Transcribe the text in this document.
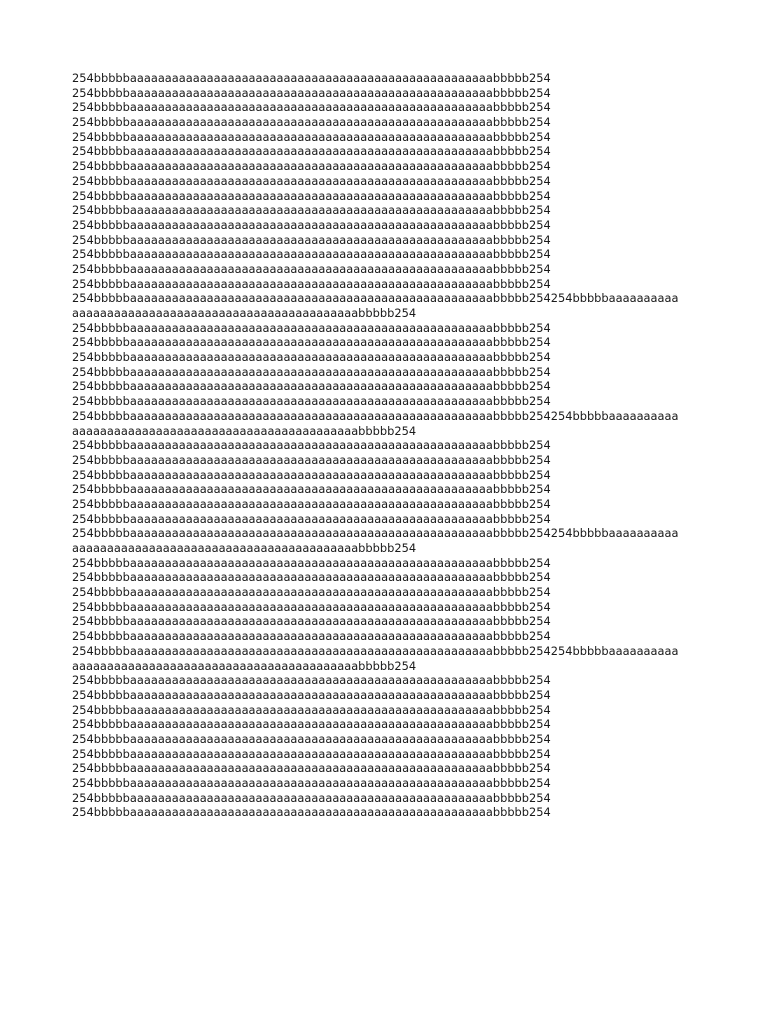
254bbbbbaaaaaaaaaaaaaaaaaaaaaaaaaaaaaaaaaaaaaaaaaaaaaaaaaaaabbbbb254
254bbbbbaaaaaaaaaaaaaaaaaaaaaaaaaaaaaaaaaaaaaaaaaaaaaaaaaaaabbbbb254
254bbbbbaaaaaaaaaaaaaaaaaaaaaaaaaaaaaaaaaaaaaaaaaaaaaaaaaaaabbbbb254
254bbbbbaaaaaaaaaaaaaaaaaaaaaaaaaaaaaaaaaaaaaaaaaaaaaaaaaaaabbbbb254
254bbbbbaaaaaaaaaaaaaaaaaaaaaaaaaaaaaaaaaaaaaaaaaaaaaaaaaaaabbbbb254
254bbbbbaaaaaaaaaaaaaaaaaaaaaaaaaaaaaaaaaaaaaaaaaaaaaaaaaaaabbbbb254
254bbbbbaaaaaaaaaaaaaaaaaaaaaaaaaaaaaaaaaaaaaaaaaaaaaaaaaaaabbbbb254
254bbbbbaaaaaaaaaaaaaaaaaaaaaaaaaaaaaaaaaaaaaaaaaaaaaaaaaaaabbbbb254
254bbbbbaaaaaaaaaaaaaaaaaaaaaaaaaaaaaaaaaaaaaaaaaaaaaaaaaaaabbbbb254
254bbbbbaaaaaaaaaaaaaaaaaaaaaaaaaaaaaaaaaaaaaaaaaaaaaaaaaaaabbbbb254
254bbbbbaaaaaaaaaaaaaaaaaaaaaaaaaaaaaaaaaaaaaaaaaaaaaaaaaaaabbbbb254
254bbbbbaaaaaaaaaaaaaaaaaaaaaaaaaaaaaaaaaaaaaaaaaaaaaaaaaaaabbbbb254
254bbbbbaaaaaaaaaaaaaaaaaaaaaaaaaaaaaaaaaaaaaaaaaaaaaaaaaaaabbbbb254
254bbbbbaaaaaaaaaaaaaaaaaaaaaaaaaaaaaaaaaaaaaaaaaaaaaaaaaaaabbbbb254
254bbbbbaaaaaaaaaaaaaaaaaaaaaaaaaaaaaaaaaaaaaaaaaaaaaaaaaaaabbbbb254
254bbbbbaaaaaaaaaaaaaaaaaaaaaaaaaaaaaaaaaaaaaaaaaaaaaaaaaaaabbbbb254254bbbbbaaaaaaaaaa
aaaaaaaaaaaaaaaaaaaaaaaaaaaaaaaaaaaaaaaaabbbbb254
254bbbbbaaaaaaaaaaaaaaaaaaaaaaaaaaaaaaaaaaaaaaaaaaaaaaaaaaaabbbbb254
254bbbbbaaaaaaaaaaaaaaaaaaaaaaaaaaaaaaaaaaaaaaaaaaaaaaaaaaaabbbbb254
254bbbbbaaaaaaaaaaaaaaaaaaaaaaaaaaaaaaaaaaaaaaaaaaaaaaaaaaaabbbbb254
254bbbbbaaaaaaaaaaaaaaaaaaaaaaaaaaaaaaaaaaaaaaaaaaaaaaaaaaaabbbbb254
254bbbbbaaaaaaaaaaaaaaaaaaaaaaaaaaaaaaaaaaaaaaaaaaaaaaaaaaaabbbbb254
254bbbbbaaaaaaaaaaaaaaaaaaaaaaaaaaaaaaaaaaaaaaaaaaaaaaaaaaaabbbbb254
254bbbbbaaaaaaaaaaaaaaaaaaaaaaaaaaaaaaaaaaaaaaaaaaaaaaaaaaaabbbbb254254bbbbbaaaaaaaaaa
aaaaaaaaaaaaaaaaaaaaaaaaaaaaaaaaaaaaaaaaabbbbb254
254bbbbbaaaaaaaaaaaaaaaaaaaaaaaaaaaaaaaaaaaaaaaaaaaaaaaaaaaabbbbb254
254bbbbbaaaaaaaaaaaaaaaaaaaaaaaaaaaaaaaaaaaaaaaaaaaaaaaaaaaabbbbb254
254bbbbbaaaaaaaaaaaaaaaaaaaaaaaaaaaaaaaaaaaaaaaaaaaaaaaaaaaabbbbb254
254bbbbbaaaaaaaaaaaaaaaaaaaaaaaaaaaaaaaaaaaaaaaaaaaaaaaaaaaabbbbb254
254bbbbbaaaaaaaaaaaaaaaaaaaaaaaaaaaaaaaaaaaaaaaaaaaaaaaaaaaabbbbb254
254bbbbbaaaaaaaaaaaaaaaaaaaaaaaaaaaaaaaaaaaaaaaaaaaaaaaaaaaabbbbb254
254bbbbbaaaaaaaaaaaaaaaaaaaaaaaaaaaaaaaaaaaaaaaaaaaaaaaaaaaabbbbb254254bbbbbaaaaaaaaaa
aaaaaaaaaaaaaaaaaaaaaaaaaaaaaaaaaaaaaaaaabbbbb254
254bbbbbaaaaaaaaaaaaaaaaaaaaaaaaaaaaaaaaaaaaaaaaaaaaaaaaaaaabbbbb254
254bbbbbaaaaaaaaaaaaaaaaaaaaaaaaaaaaaaaaaaaaaaaaaaaaaaaaaaaabbbbb254
254bbbbbaaaaaaaaaaaaaaaaaaaaaaaaaaaaaaaaaaaaaaaaaaaaaaaaaaaabbbbb254
254bbbbbaaaaaaaaaaaaaaaaaaaaaaaaaaaaaaaaaaaaaaaaaaaaaaaaaaaabbbbb254
254bbbbbaaaaaaaaaaaaaaaaaaaaaaaaaaaaaaaaaaaaaaaaaaaaaaaaaaaabbbbb254
254bbbbbaaaaaaaaaaaaaaaaaaaaaaaaaaaaaaaaaaaaaaaaaaaaaaaaaaaabbbbb254
254bbbbbaaaaaaaaaaaaaaaaaaaaaaaaaaaaaaaaaaaaaaaaaaaaaaaaaaaabbbbb254254bbbbbaaaaaaaaaa
aaaaaaaaaaaaaaaaaaaaaaaaaaaaaaaaaaaaaaaaabbbbb254
254bbbbbaaaaaaaaaaaaaaaaaaaaaaaaaaaaaaaaaaaaaaaaaaaaaaaaaaaabbbbb254
254bbbbbaaaaaaaaaaaaaaaaaaaaaaaaaaaaaaaaaaaaaaaaaaaaaaaaaaaabbbbb254
254bbbbbaaaaaaaaaaaaaaaaaaaaaaaaaaaaaaaaaaaaaaaaaaaaaaaaaaaabbbbb254
254bbbbbaaaaaaaaaaaaaaaaaaaaaaaaaaaaaaaaaaaaaaaaaaaaaaaaaaaabbbbb254
254bbbbbaaaaaaaaaaaaaaaaaaaaaaaaaaaaaaaaaaaaaaaaaaaaaaaaaaaabbbbb254
254bbbbbaaaaaaaaaaaaaaaaaaaaaaaaaaaaaaaaaaaaaaaaaaaaaaaaaaaabbbbb254
254bbbbbaaaaaaaaaaaaaaaaaaaaaaaaaaaaaaaaaaaaaaaaaaaaaaaaaaaabbbbb254
254bbbbbaaaaaaaaaaaaaaaaaaaaaaaaaaaaaaaaaaaaaaaaaaaaaaaaaaaabbbbb254
254bbbbbaaaaaaaaaaaaaaaaaaaaaaaaaaaaaaaaaaaaaaaaaaaaaaaaaaaabbbbb254
254bbbbbaaaaaaaaaaaaaaaaaaaaaaaaaaaaaaaaaaaaaaaaaaaaaaaaaaaabbbbb254
